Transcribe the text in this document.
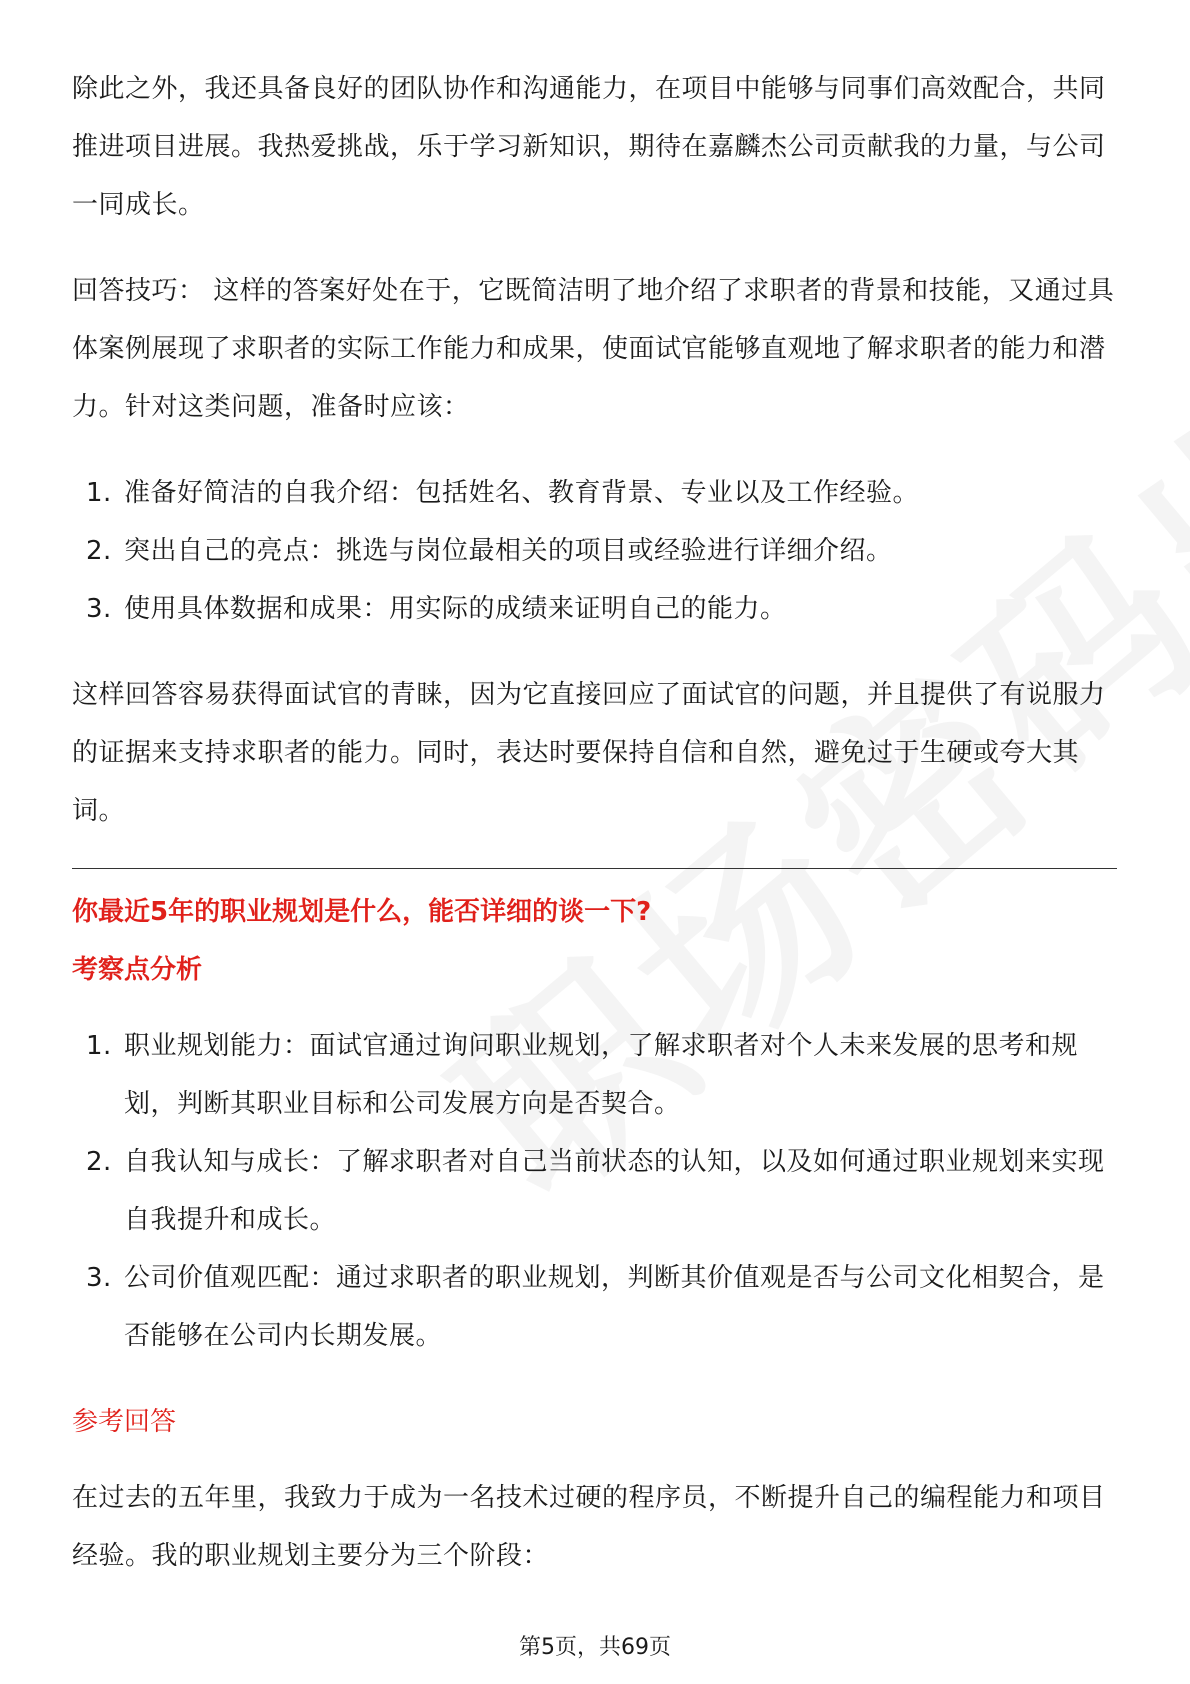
除此之外，我还具备良好的团队协作和沟通能力，在项目中能够与同事们高效配合，共同推进项目进展。我热爱挑战，乐于学习新知识，期待在嘉麟杰公司贡献我的力量，与公司一同成长。

回答技巧： 这样的答案好处在于，它既简洁明了地介绍了求职者的背景和技能，又通过具体案例展现了求职者的实际工作能力和成果，使面试官能够直观地了解求职者的能力和潜力。针对这类问题，准备时应该：

1. 准备好简洁的自我介绍：包括姓名、教育背景、专业以及工作经验。
2. 突出自己的亮点：挑选与岗位最相关的项目或经验进行详细介绍。
3. 使用具体数据和成果：用实际的成绩来证明自己的能力。

这样回答容易获得面试官的青睐，因为它直接回应了面试官的问题，并且提供了有说服力的证据来支持求职者的能力。同时，表达时要保持自信和自然，避免过于生硬或夸大其词。

你最近5年的职业规划是什么，能否详细的谈一下?
考察点分析
1. 职业规划能力：面试官通过询问职业规划，了解求职者对个人未来发展的思考和规划，判断其职业目标和公司发展方向是否契合。
2. 自我认知与成长：了解求职者对自己当前状态的认知，以及如何通过职业规划来实现自我提升和成长。
3. 公司价值观匹配：通过求职者的职业规划，判断其价值观是否与公司文化相契合，是否能够在公司内长期发展。
参考回答

在过去的五年里，我致力于成为一名技术过硬的程序员，不断提升自己的编程能力和项目经验。我的职业规划主要分为三个阶段：

第5页，共69页
